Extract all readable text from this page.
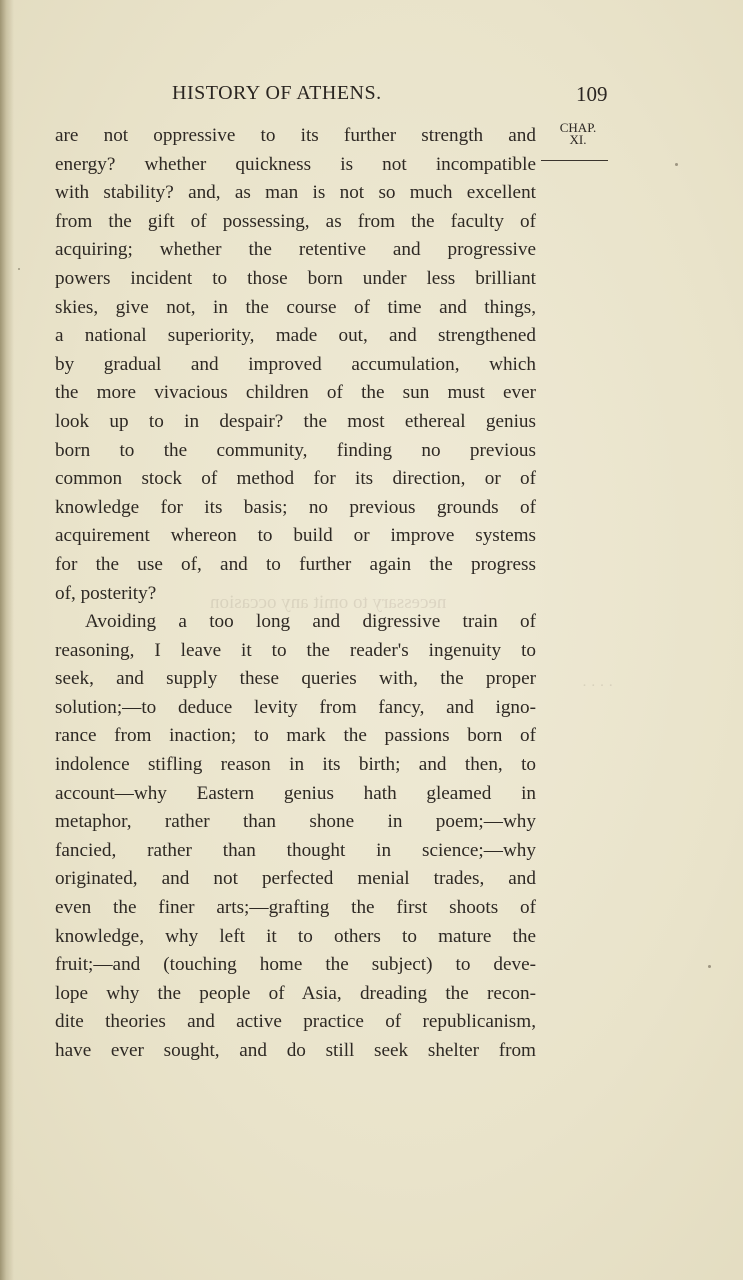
necessary to omit any occasion
· · · ·
HISTORY OF ATHENS.	109
CHAP.
XI.
are not oppressive to its further strength and
energy? whether quickness is not incompatible
with stability? and, as man is not so much excellent
from the gift of possessing, as from the faculty of
acquiring; whether the retentive and progressive
powers incident to those born under less brilliant
skies, give not, in the course of time and things,
a national superiority, made out, and strengthened
by gradual and improved accumulation, which
the more vivacious children of the sun must ever
look up to in despair? the most ethereal genius
born to the community, finding no previous
common stock of method for its direction, or of
knowledge for its basis; no previous grounds of
acquirement whereon to build or improve systems
for the use of, and to further again the progress
of, posterity?
Avoiding a too long and digressive train of
reasoning, I leave it to the reader's ingenuity to
seek, and supply these queries with, the proper
solution;—to deduce levity from fancy, and igno-
rance from inaction; to mark the passions born of
indolence stifling reason in its birth; and then, to
account—why Eastern genius hath gleamed in
metaphor, rather than shone in poem;—why
fancied, rather than thought in science;—why
originated, and not perfected menial trades, and
even the finer arts;—grafting the first shoots of
knowledge, why left it to others to mature the
fruit;—and (touching home the subject) to deve-
lope why the people of Asia, dreading the recon-
dite theories and active practice of republicanism,
have ever sought, and do still seek shelter from
